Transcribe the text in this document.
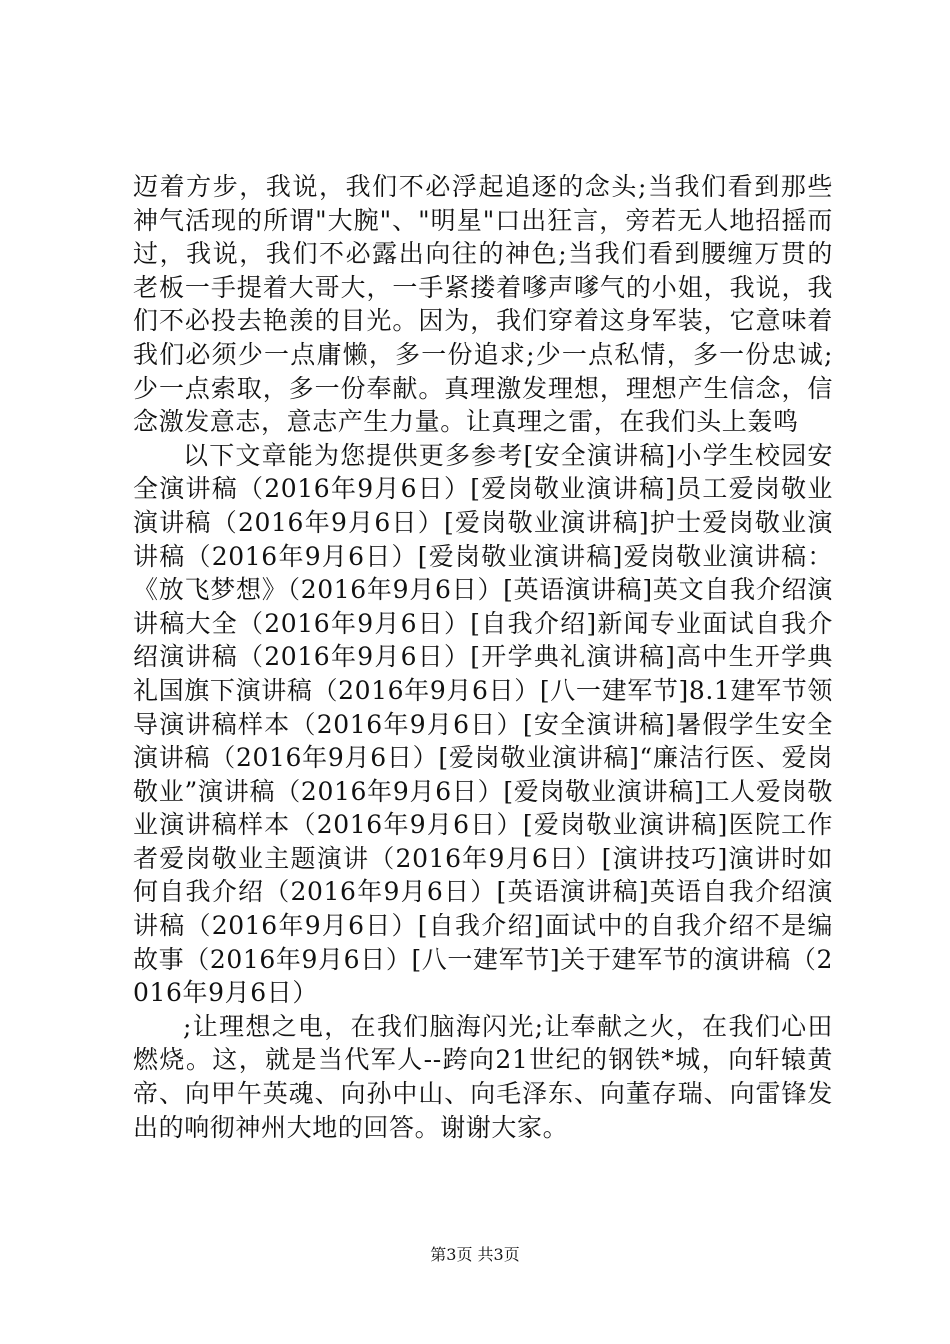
迈着方步，我说，我们不必浮起追逐的念头;当我们看到那些神气活现的所谓"大腕"、"明星"口出狂言，旁若无人地招摇而过，我说，我们不必露出向往的神色;当我们看到腰缠万贯的老板一手提着大哥大，一手紧搂着嗲声嗲气的小姐，我说，我们不必投去艳羡的目光。因为，我们穿着这身军装，它意味着我们必须少一点庸懒，多一份追求;少一点私情，多一份忠诚;少一点索取，多一份奉献。真理激发理想，理想产生信念，信念激发意志，意志产生力量。让真理之雷，在我们头上轰鸣

以下文章能为您提供更多参考[安全演讲稿]小学生校园安全演讲稿（2016年9月6日）[爱岗敬业演讲稿]员工爱岗敬业演讲稿（2016年9月6日）[爱岗敬业演讲稿]护士爱岗敬业演讲稿（2016年9月6日）[爱岗敬业演讲稿]爱岗敬业演讲稿：《放飞梦想》（2016年9月6日）[英语演讲稿]英文自我介绍演讲稿大全（2016年9月6日）[自我介绍]新闻专业面试自我介绍演讲稿（2016年9月6日）[开学典礼演讲稿]高中生开学典礼国旗下演讲稿（2016年9月6日）[八一建军节]8.1建军节领导演讲稿样本（2016年9月6日）[安全演讲稿]暑假学生安全演讲稿（2016年9月6日）[爱岗敬业演讲稿]“廉洁行医、爱岗敬业”演讲稿（2016年9月6日）[爱岗敬业演讲稿]工人爱岗敬业演讲稿样本（2016年9月6日）[爱岗敬业演讲稿]医院工作者爱岗敬业主题演讲（2016年9月6日）[演讲技巧]演讲时如何自我介绍（2016年9月6日）[英语演讲稿]英语自我介绍演讲稿（2016年9月6日）[自我介绍]面试中的自我介绍不是编故事（2016年9月6日）[八一建军节]关于建军节的演讲稿（2016年9月6日）

;让理想之电，在我们脑海闪光;让奉献之火，在我们心田燃烧。这，就是当代军人--跨向21世纪的钢铁*城，向轩辕黄帝、向甲午英魂、向孙中山、向毛泽东、向董存瑞、向雷锋发出的响彻神州大地的回答。谢谢大家。

第3页 共3页
